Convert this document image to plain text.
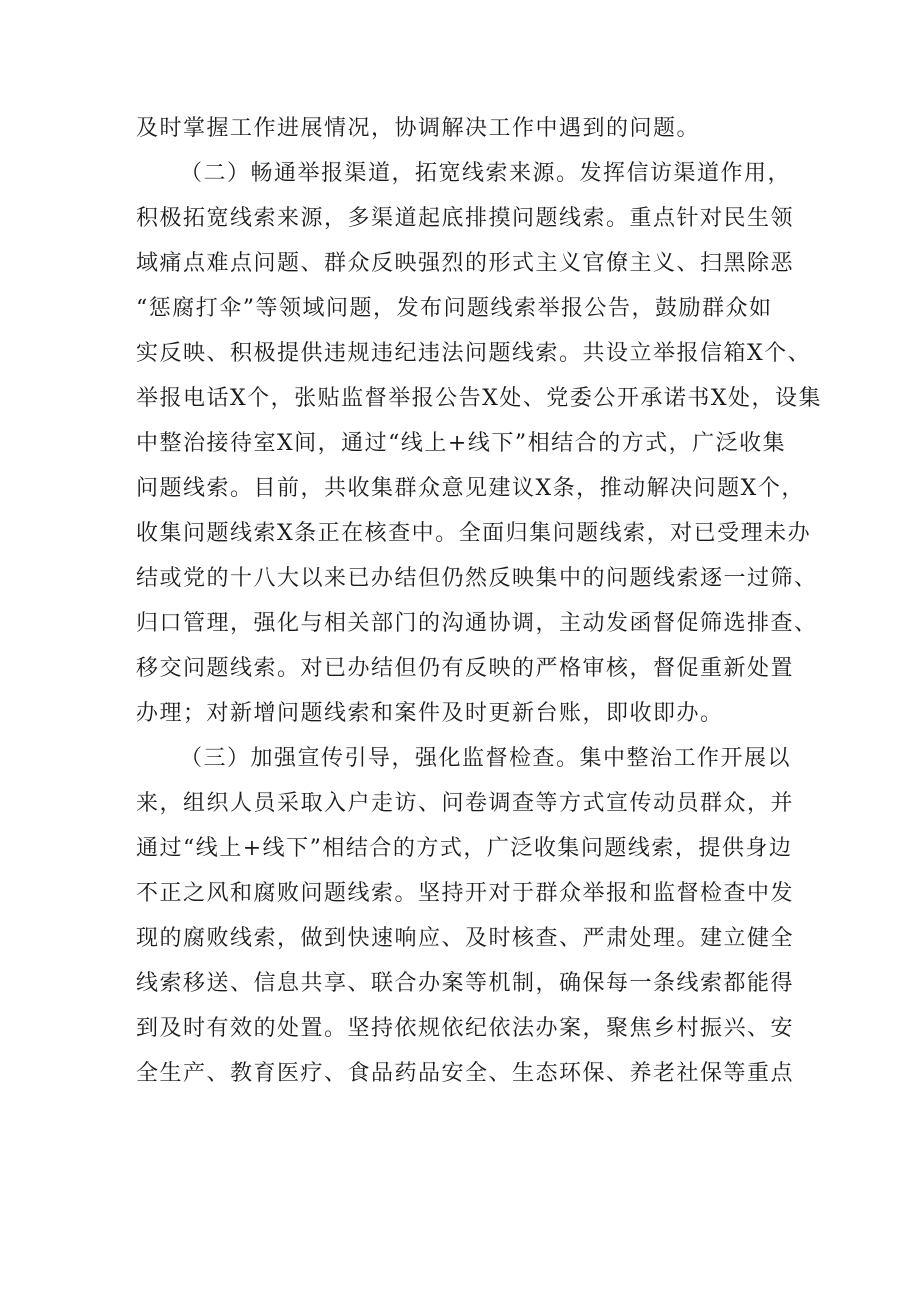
及时掌握工作进展情况，协调解决工作中遇到的问题。

（二）畅通举报渠道，拓宽线索来源。发挥信访渠道作用，
积极拓宽线索来源，多渠道起底排摸问题线索。重点针对民生领
域痛点难点问题、群众反映强烈的形式主义官僚主义、扫黑除恶
“惩腐打伞”等领域问题，发布问题线索举报公告，鼓励群众如
实反映、积极提供违规违纪违法问题线索。共设立举报信箱X个、
举报电话X个，张贴监督举报公告X处、党委公开承诺书X处，设集
中整治接待室X间，通过“线上+线下”相结合的方式，广泛收集
问题线索。目前，共收集群众意见建议X条，推动解决问题X个，
收集问题线索X条正在核查中。全面归集问题线索，对已受理未办
结或党的十八大以来已办结但仍然反映集中的问题线索逐一过筛、
归口管理，强化与相关部门的沟通协调，主动发函督促筛选排查、
移交问题线索。对已办结但仍有反映的严格审核，督促重新处置
办理；对新增问题线索和案件及时更新台账，即收即办。

（三）加强宣传引导，强化监督检查。集中整治工作开展以
来，组织人员采取入户走访、问卷调查等方式宣传动员群众，并
通过“线上+线下”相结合的方式，广泛收集问题线索，提供身边
不正之风和腐败问题线索。坚持开对于群众举报和监督检查中发
现的腐败线索，做到快速响应、及时核查、严肃处理。建立健全
线索移送、信息共享、联合办案等机制，确保每一条线索都能得
到及时有效的处置。坚持依规依纪依法办案，聚焦乡村振兴、安
全生产、教育医疗、食品药品安全、生态环保、养老社保等重点
